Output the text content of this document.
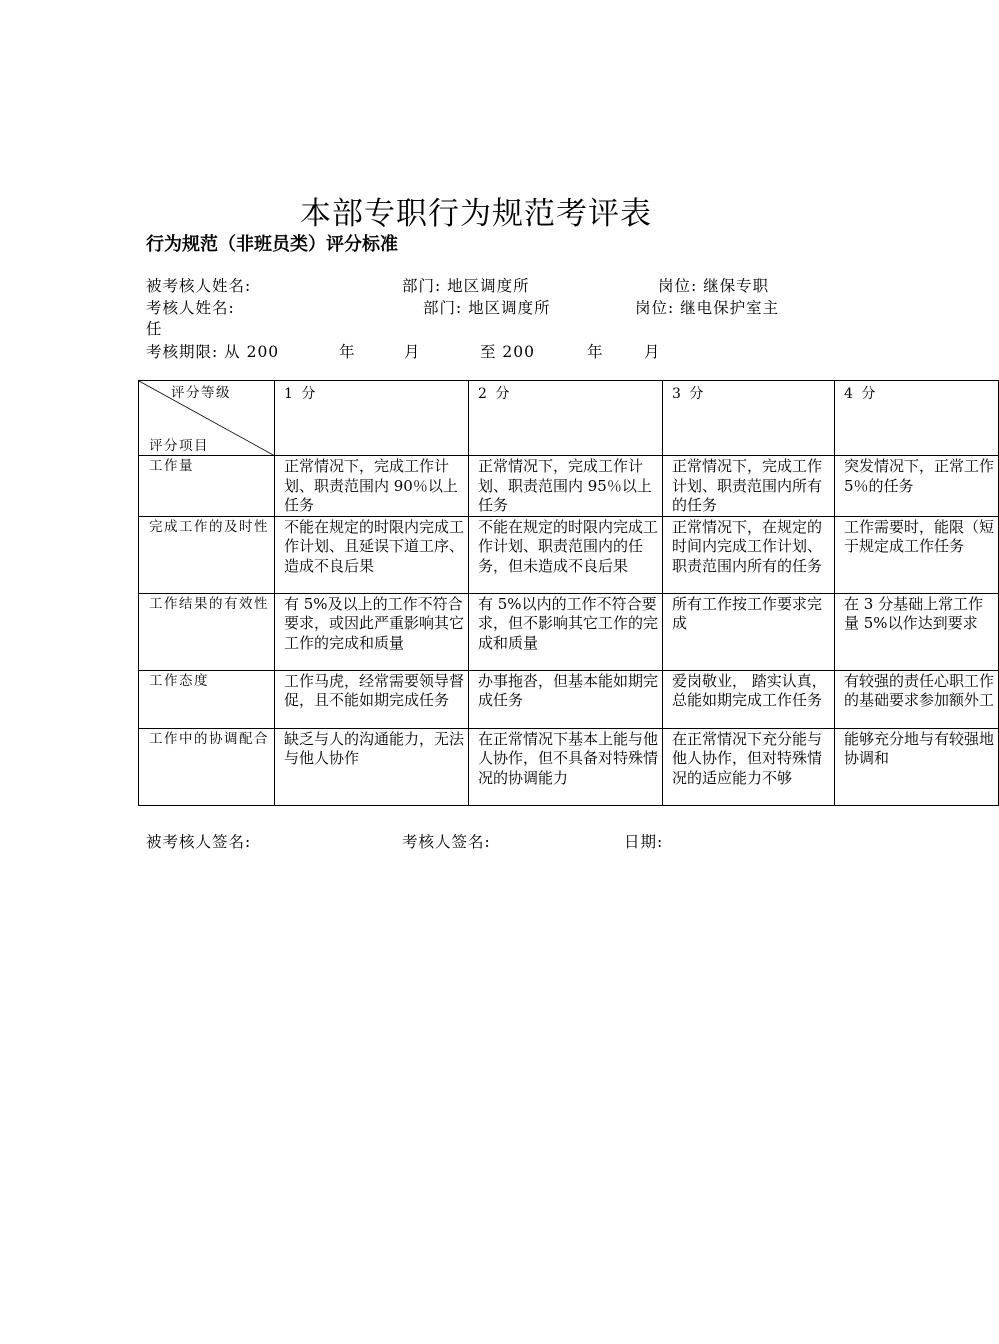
本部专职行为规范考评表
行为规范（非班员类）评分标准
被考核人姓名:	部门: 地区调度所	岗位: 继保专职
考核人姓名:	部门: 地区调度所	岗位: 继电保护室主
任
考核期限: 从 200	年	月	至 200	年	月
评分等级
评分项目	1 分	2 分	3 分	4 分
工作量	正常情况下，完成工作计划、职责范围内 90％以上任务	正常情况下，完成工作计划、职责范围内 95％以上任务	正常情况下，完成工作计划、职责范围内所有的任务	突发情况下，正常工作 5％的任务
完成工作的及时性	不能在规定的时限内完成工作计划、且延误下道工序、造成不良后果	不能在规定的时限内完成工作计划、职责范围内的任务，但未造成不良后果	正常情况下，在规定的时间内完成工作计划、职责范围内所有的任务	工作需要时，能限（短于规定成工作任务
工作结果的有效性	有 5%及以上的工作不符合要求，或因此严重影响其它工作的完成和质量	有 5%以内的工作不符合要求，但不影响其它工作的完成和质量	所有工作按工作要求完成	在 3 分基础上常工作量 5%以作达到要求
工作态度	工作马虎，经常需要领导督促，且不能如期完成任务	办事拖沓，但基本能如期完成任务	爱岗敬业， 踏实认真，总能如期完成工作任务	有较强的责任心职工作的基础要求参加额外工
工作中的协调配合	缺乏与人的沟通能力，无法与他人协作	在正常情况下基本上能与他人协作，但不具备对特殊情况的协调能力	在正常情况下充分能与他人协作，但对特殊情况的适应能力不够	能够充分地与有较强地协调和
被考核人签名:	考核人签名:	日期:
